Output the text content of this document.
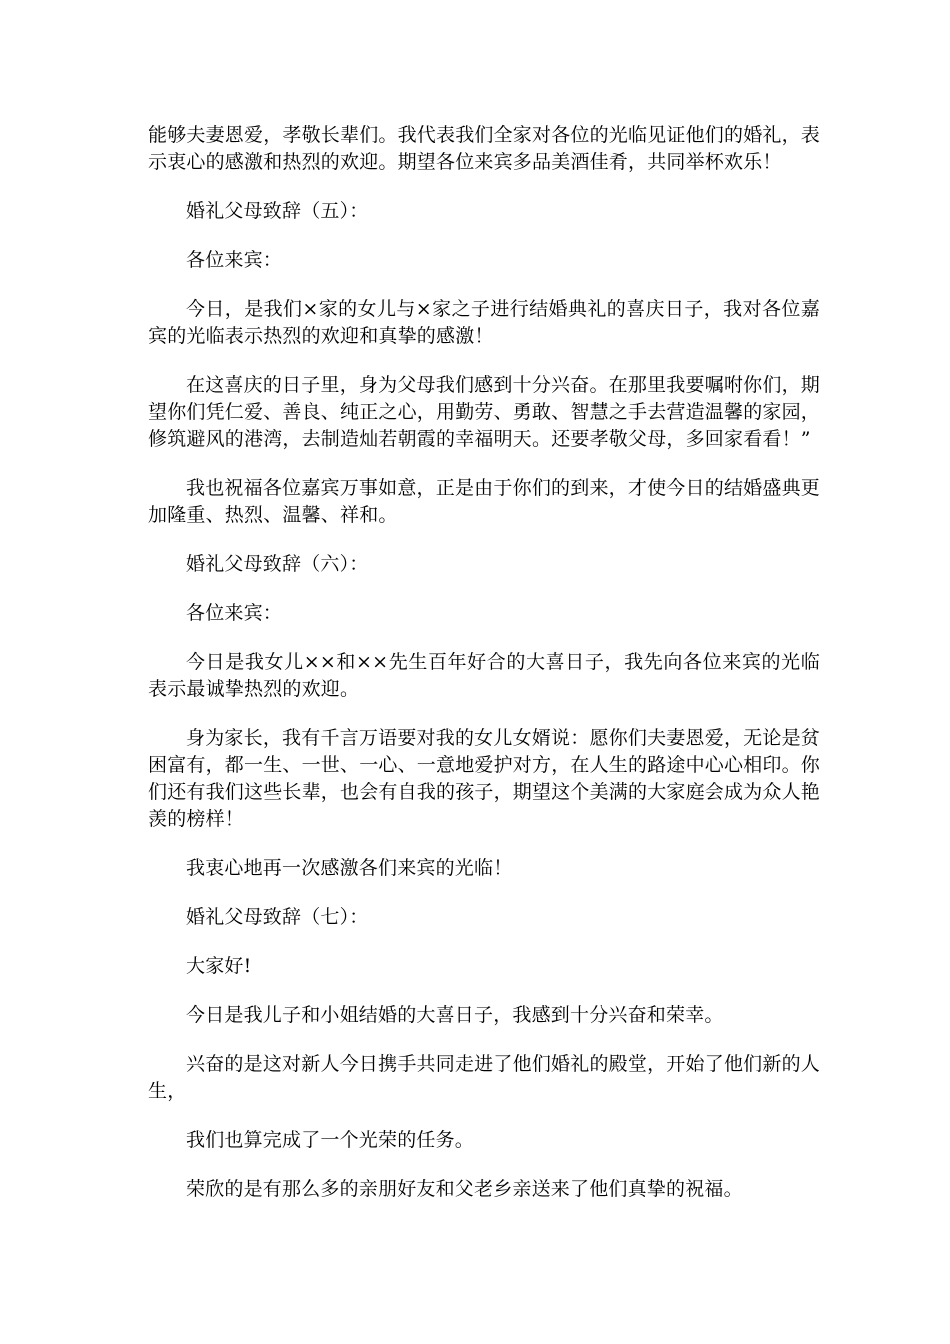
能够夫妻恩爱，孝敬长辈们。我代表我们全家对各位的光临见证他们的婚礼，表示衷心的感激和热烈的欢迎。期望各位来宾多品美酒佳肴，共同举杯欢乐！

婚礼父母致辞（五）：

各位来宾：

今日，是我们×家的女儿与×家之子进行结婚典礼的喜庆日子，我对各位嘉宾的光临表示热烈的欢迎和真挚的感激！

在这喜庆的日子里，身为父母我们感到十分兴奋。在那里我要嘱咐你们，期望你们凭仁爱、善良、纯正之心，用勤劳、勇敢、智慧之手去营造温馨的家园，修筑避风的港湾，去制造灿若朝霞的幸福明天。还要孝敬父母，多回家看看！”

我也祝福各位嘉宾万事如意，正是由于你们的到来，才使今日的结婚盛典更加隆重、热烈、温馨、祥和。

婚礼父母致辞（六）：

各位来宾：

今日是我女儿××和××先生百年好合的大喜日子，我先向各位来宾的光临表示最诚挚热烈的欢迎。

身为家长，我有千言万语要对我的女儿女婿说：愿你们夫妻恩爱，无论是贫困富有，都一生、一世、一心、一意地爱护对方，在人生的路途中心心相印。你们还有我们这些长辈，也会有自我的孩子，期望这个美满的大家庭会成为众人艳羡的榜样！

我衷心地再一次感激各们来宾的光临！

婚礼父母致辞（七）：

大家好!

今日是我儿子和小姐结婚的大喜日子，我感到十分兴奋和荣幸。

兴奋的是这对新人今日携手共同走进了他们婚礼的殿堂，开始了他们新的人生，

我们也算完成了一个光荣的任务。

荣欣的是有那么多的亲朋好友和父老乡亲送来了他们真挚的祝福。
